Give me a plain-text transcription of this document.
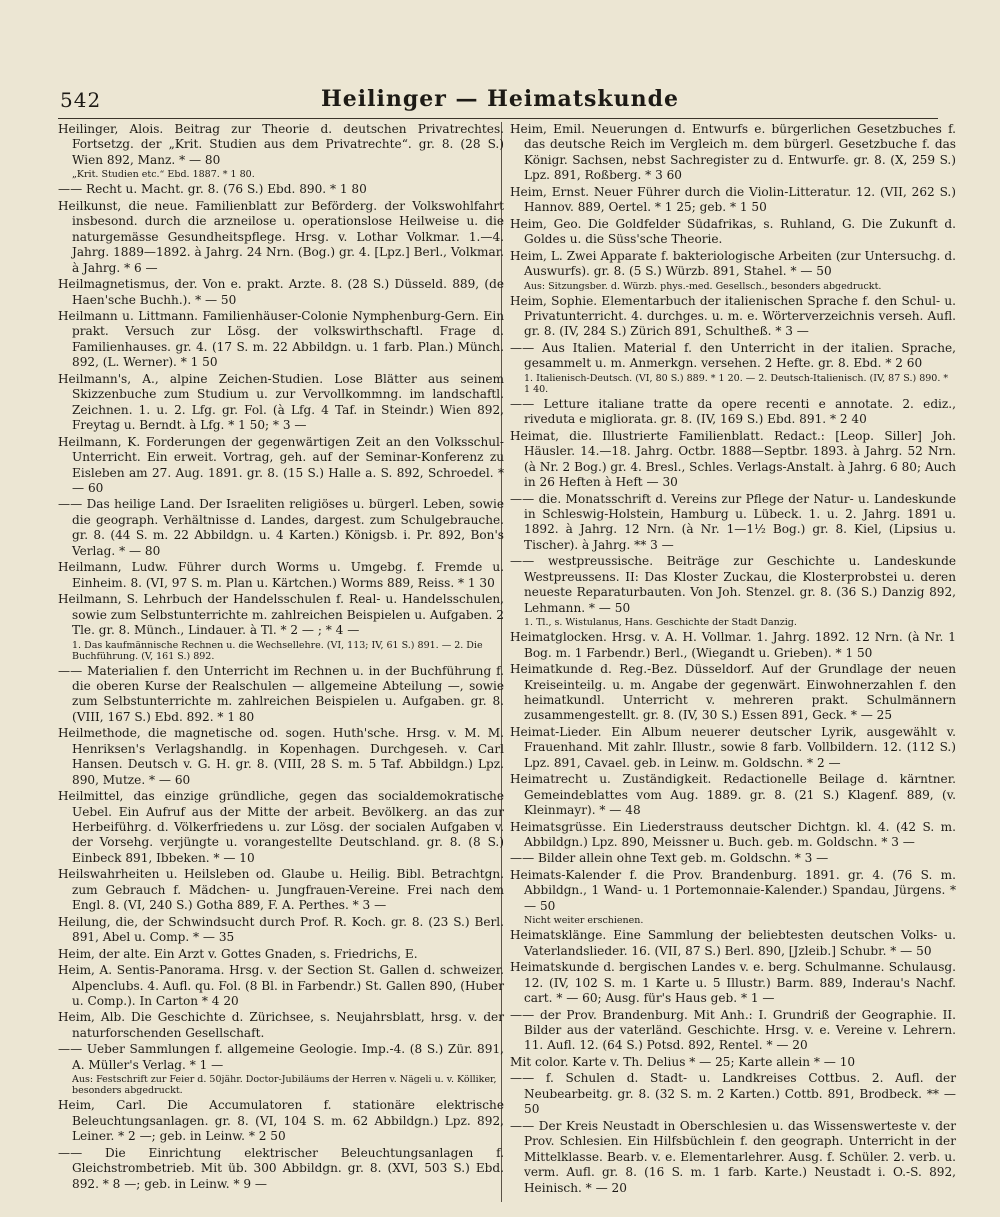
542	Heilinger — Heimatskunde
Heilinger, Alois. Beitrag zur Theorie d. deutschen Privatrechtes. Fortsetzg. der „Krit. Studien aus dem Privatrechte“. gr. 8. (28 S.) Wien 892, Manz. * — 80
„Krit. Studien etc.“ Ebd. 1887. * 1 80.
—— Recht u. Macht. gr. 8. (76 S.) Ebd. 890. * 1 80
Heilkunst, die neue. Familienblatt zur Beförderg. der Volkswohlfahrt insbesond. durch die arzneilose u. operationslose Heilweise u. die naturgemässe Gesundheitspflege. Hrsg. v. Lothar Volkmar. 1.—4. Jahrg. 1889—1892. à Jahrg. 24 Nrn. (Bog.) gr. 4. [Lpz.] Berl., Volkmar. à Jahrg. * 6 —
Heilmagnetismus, der. Von e. prakt. Arzte. 8. (28 S.) Düsseld. 889, (de Haen'sche Buchh.). * — 50
Heilmann u. Littmann. Familienhäuser-Colonie Nymphenburg-Gern. Ein prakt. Versuch zur Lösg. der volkswirthschaftl. Frage d. Familienhauses. gr. 4. (17 S. m. 22 Abbildgn. u. 1 farb. Plan.) Münch. 892, (L. Werner). * 1 50
Heilmann's, A., alpine Zeichen-Studien. Lose Blätter aus seinem Skizzenbuche zum Studium u. zur Vervollkommng. im landschaftl. Zeichnen. 1. u. 2. Lfg. gr. Fol. (à Lfg. 4 Taf. in Steindr.) Wien 892, Freytag u. Berndt. à Lfg. * 1 50; * 3 —
Heilmann, K. Forderungen der gegenwärtigen Zeit an den Volksschul-Unterricht. Ein erweit. Vortrag, geh. auf der Seminar-Konferenz zu Eisleben am 27. Aug. 1891. gr. 8. (15 S.) Halle a. S. 892, Schroedel. * — 60
—— Das heilige Land. Der Israeliten religiöses u. bürgerl. Leben, sowie die geograph. Verhältnisse d. Landes, dargest. zum Schulgebrauche. gr. 8. (44 S. m. 22 Abbildgn. u. 4 Karten.) Königsb. i. Pr. 892, Bon's Verlag. * — 80
Heilmann, Ludw. Führer durch Worms u. Umgebg. f. Fremde u. Einheim. 8. (VI, 97 S. m. Plan u. Kärtchen.) Worms 889, Reiss. * 1 30
Heilmann, S. Lehrbuch der Handelsschulen f. Real- u. Handelsschulen, sowie zum Selbstunterrichte m. zahlreichen Beispielen u. Aufgaben. 2 Tle. gr. 8. Münch., Lindauer. à Tl. * 2 — ; * 4 —
1. Das kaufmännische Rechnen u. die Wechsellehre. (VI, 113; IV, 61 S.) 891. — 2. Die Buchführung. (V, 161 S.) 892.
—— Materialien f. den Unterricht im Rechnen u. in der Buchführung f. die oberen Kurse der Realschulen — allgemeine Abteilung —, sowie zum Selbstunterrichte m. zahlreichen Beispielen u. Aufgaben. gr. 8. (VIII, 167 S.) Ebd. 892. * 1 80
Heilmethode, die magnetische od. sogen. Huth'sche. Hrsg. v. M. M. Henriksen's Verlagshandlg. in Kopenhagen. Durchgeseh. v. Carl Hansen. Deutsch v. G. H. gr. 8. (VIII, 28 S. m. 5 Taf. Abbildgn.) Lpz. 890, Mutze. * — 60
Heilmittel, das einzige gründliche, gegen das socialdemokratische Uebel. Ein Aufruf aus der Mitte der arbeit. Bevölkerg. an das zur Herbeiführg. d. Völkerfriedens u. zur Lösg. der socialen Aufgaben v. der Vorsehg. verjüngte u. vorangestellte Deutschland. gr. 8. (8 S.) Einbeck 891, Ibbeken. * — 10
Heilswahrheiten u. Heilsleben od. Glaube u. Heilig. Bibl. Betrachtgn. zum Gebrauch f. Mädchen- u. Jungfrauen-Vereine. Frei nach dem Engl. 8. (VI, 240 S.) Gotha 889, F. A. Perthes. * 3 —
Heilung, die, der Schwindsucht durch Prof. R. Koch. gr. 8. (23 S.) Berl. 891, Abel u. Comp. * — 35
Heim, der alte. Ein Arzt v. Gottes Gnaden, s. Friedrichs, E.
Heim, A. Sentis-Panorama. Hrsg. v. der Section St. Gallen d. schweizer. Alpenclubs. 4. Aufl. qu. Fol. (8 Bl. in Farbendr.) St. Gallen 890, (Huber u. Comp.). In Carton * 4 20
Heim, Alb. Die Geschichte d. Zürichsee, s. Neujahrsblatt, hrsg. v. der naturforschenden Gesellschaft.
—— Ueber Sammlungen f. allgemeine Geologie. Imp.-4. (8 S.) Zür. 891, A. Müller's Verlag. * 1 —
Aus: Festschrift zur Feier d. 50jähr. Doctor-Jubiläums der Herren v. Nägeli u. v. Kölliker, besonders abgedruckt.
Heim, Carl. Die Accumulatoren f. stationäre elektrische Beleuchtungsanlagen. gr. 8. (VI, 104 S. m. 62 Abbildgn.) Lpz. 892, Leiner. * 2 —; geb. in Leinw. * 2 50
—— Die Einrichtung elektrischer Beleuchtungsanlagen f. Gleichstrombetrieb. Mit üb. 300 Abbildgn. gr. 8. (XVI, 503 S.) Ebd. 892. * 8 —; geb. in Leinw. * 9 —
Heim, Emil. Neuerungen d. Entwurfs e. bürgerlichen Gesetzbuches f. das deutsche Reich im Vergleich m. dem bürgerl. Gesetzbuche f. das Königr. Sachsen, nebst Sachregister zu d. Entwurfe. gr. 8. (X, 259 S.) Lpz. 891, Roßberg. * 3 60
Heim, Ernst. Neuer Führer durch die Violin-Litteratur. 12. (VII, 262 S.) Hannov. 889, Oertel. * 1 25; geb. * 1 50
Heim, Geo. Die Goldfelder Südafrikas, s. Ruhland, G. Die Zukunft d. Goldes u. die Süss'sche Theorie.
Heim, L. Zwei Apparate f. bakteriologische Arbeiten (zur Untersuchg. d. Auswurfs). gr. 8. (5 S.) Würzb. 891, Stahel. * — 50
Aus: Sitzungsber. d. Würzb. phys.-med. Gesellsch., besonders abgedruckt.
Heim, Sophie. Elementarbuch der italienischen Sprache f. den Schul- u. Privatunterricht. 4. durchges. u. m. e. Wörterverzeichnis verseh. Aufl. gr. 8. (IV, 284 S.) Zürich 891, Schultheß. * 3 —
—— Aus Italien. Material f. den Unterricht in der italien. Sprache, gesammelt u. m. Anmerkgn. versehen. 2 Hefte. gr. 8. Ebd. * 2 60
1. Italienisch-Deutsch. (VI, 80 S.) 889. * 1 20. — 2. Deutsch-Italienisch. (IV, 87 S.) 890. * 1 40.
—— Letture italiane tratte da opere recenti e annotate. 2. ediz., riveduta e migliorata. gr. 8. (IV, 169 S.) Ebd. 891. * 2 40
Heimat, die. Illustrierte Familienblatt. Redact.: [Leop. Siller] Joh. Häusler. 14.—18. Jahrg. Octbr. 1888—Septbr. 1893. à Jahrg. 52 Nrn. (à Nr. 2 Bog.) gr. 4. Bresl., Schles. Verlags-Anstalt. à Jahrg. 6 80; Auch in 26 Heften à Heft — 30
—— die. Monatsschrift d. Vereins zur Pflege der Natur- u. Landeskunde in Schleswig-Holstein, Hamburg u. Lübeck. 1. u. 2. Jahrg. 1891 u. 1892. à Jahrg. 12 Nrn. (à Nr. 1—1½ Bog.) gr. 8. Kiel, (Lipsius u. Tischer). à Jahrg. ** 3 —
—— westpreussische. Beiträge zur Geschichte u. Landeskunde Westpreussens. II: Das Kloster Zuckau, die Klosterprobstei u. deren neueste Reparaturbauten. Von Joh. Stenzel. gr. 8. (36 S.) Danzig 892, Lehmann. * — 50
1. Tl., s. Wistulanus, Hans. Geschichte der Stadt Danzig.
Heimatglocken. Hrsg. v. A. H. Vollmar. 1. Jahrg. 1892. 12 Nrn. (à Nr. 1 Bog. m. 1 Farbendr.) Berl., (Wiegandt u. Grieben). * 1 50
Heimatkunde d. Reg.-Bez. Düsseldorf. Auf der Grundlage der neuen Kreiseinteilg. u. m. Angabe der gegenwärt. Einwohnerzahlen f. den heimatkundl. Unterricht v. mehreren prakt. Schulmännern zusammengestellt. gr. 8. (IV, 30 S.) Essen 891, Geck. * — 25
Heimat-Lieder. Ein Album neuerer deutscher Lyrik, ausgewählt v. Frauenhand. Mit zahlr. Illustr., sowie 8 farb. Vollbildern. 12. (112 S.) Lpz. 891, Cavael. geb. in Leinw. m. Goldschn. * 2 —
Heimatrecht u. Zuständigkeit. Redactionelle Beilage d. kärntner. Gemeindeblattes vom Aug. 1889. gr. 8. (21 S.) Klagenf. 889, (v. Kleinmayr). * — 48
Heimatsgrüsse. Ein Liederstrauss deutscher Dichtgn. kl. 4. (42 S. m. Abbildgn.) Lpz. 890, Meissner u. Buch. geb. m. Goldschn. * 3 —
—— Bilder allein ohne Text geb. m. Goldschn. * 3 —
Heimats-Kalender f. die Prov. Brandenburg. 1891. gr. 4. (76 S. m. Abbildgn., 1 Wand- u. 1 Portemonnaie-Kalender.) Spandau, Jürgens. * — 50
Nicht weiter erschienen.
Heimatsklänge. Eine Sammlung der beliebtesten deutschen Volks- u. Vaterlandslieder. 16. (VII, 87 S.) Berl. 890, [Jzleib.] Schubr. * — 50
Heimatskunde d. bergischen Landes v. e. berg. Schulmanne. Schulausg. 12. (IV, 102 S. m. 1 Karte u. 5 Illustr.) Barm. 889, Inderau's Nachf. cart. * — 60; Ausg. für's Haus geb. * 1 —
—— der Prov. Brandenburg. Mit Anh.: I. Grundriß der Geographie. II. Bilder aus der vaterländ. Geschichte. Hrsg. v. e. Vereine v. Lehrern. 11. Aufl. 12. (64 S.) Potsd. 892, Rentel. * — 20
Mit color. Karte v. Th. Delius * — 25; Karte allein * — 10
—— f. Schulen d. Stadt- u. Landkreises Cottbus. 2. Aufl. der Neubearbeitg. gr. 8. (32 S. m. 2 Karten.) Cottb. 891, Brodbeck. ** — 50
—— Der Kreis Neustadt in Oberschlesien u. das Wissenswerteste v. der Prov. Schlesien. Ein Hilfsbüchlein f. den geograph. Unterricht in der Mittelklasse. Bearb. v. e. Elementarlehrer. Ausg. f. Schüler. 2. verb. u. verm. Aufl. gr. 8. (16 S. m. 1 farb. Karte.) Neustadt i. O.-S. 892, Heinisch. * — 20
